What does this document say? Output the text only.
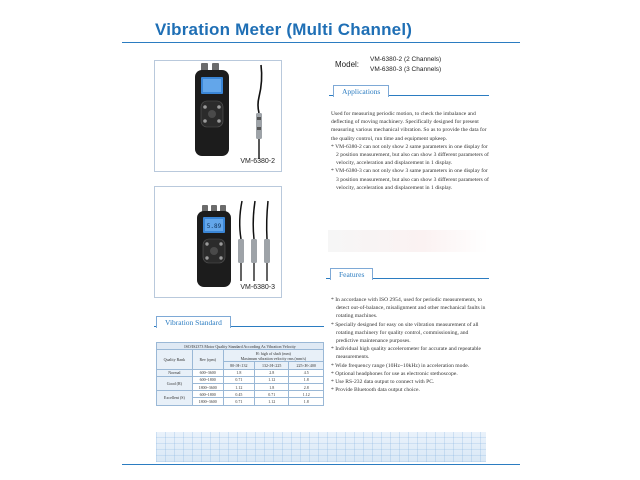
Vibration Meter (Multi Channel)
VM-6380-2
5.89
VM-6380-3
Model:
VM-6380-2 (2 Channels)
VM-6380-3 (3 Channels)
Applications

Used for measuring periodic motion, to check the imbalance and deflecting of moving machinery. Specifically designed for present measuring various mechanical vibration. So as to provide the data for the quality control, run time and equipment upkeep.

* VM-6380-2 can not only show 2 same parameters in one display for 2 position measurement, but also can show 3 different parameters of velocity, acceleration and displacement in 1 display.

* VM-6380-3 can not only show 3 same parameters in one display for 3 position measurement, but also can show 3 different parameters of velocity, acceleration and displacement in 1 display.

Features

* In accordance with ISO 2954, used for periodic measurements, to detect out-of-balance, misalignment and other mechanical faults in rotating machines.

* Specially designed for easy on site vibration measurement of all rotating machinery for quality control, commissioning, and predictive maintenance purposes.

* Individual high quality accelerometer for accurate and repeatable measurements.

* Wide frequency range (10Hz~10kHz) in acceleration mode.

* Optional headphones for use as electronic stethoscope.

* Use RS-232 data output to connect with PC.

* Provide Bluetooth data output choice.

Vibration Standard
ISO/IS2373 Motor Quality Standard According As Vibration Velocity				
Quality Rank	Rev (rpm)	H: high of shaft (mm)
Maximum vibration velocity rms (mm/s)		

		80<H<132	132<H<225	225<H<400
Normal	600~3600	1.8	2.8	4.5
Good (R)	600~1800	0.71	1.12	1.8
	1800~3600	1.12	1.8	2.8
Excellent (S)	600~1800	0.45	0.71	1.12
	1800~3600	0.71	1.12	1.8
